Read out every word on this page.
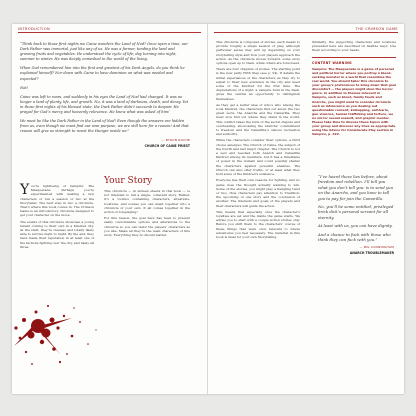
INTRODUCTION

“Think back to those first nights we Caine wonders the Land of Nod? Once upon a time, our Dark Father was immortal, just like any of us. He was a farmer, tending the land and growing fruits and vegetables. He understood the cycle of life; day turning into night, summer to winter. He was deeply enmeshed in the world of the living.

When God remembered him into the first and greatest of his Dark Angels, do you think he explained himself? Nor down with Caine to have dominion on what was needed and expected?

Not!

Caine was left to roam, and suddenly in his eyes the Land of Nod had changed. It was no longer a land of plenty, life, and growth. No, it was a land of darkness, death, and decay. Yet in those first nights of his blessed state, the Dark Father didn’t succumb to despair. He prayed for God’s mercy and heavenly relevance. He knew what was asked of him!

We must be like the Dark Father in the Land of Nod! Even though the answers are hidden from us, even though we must find our own purpose, we are still here for a reason! And that reason will give us strength to resist the Hunger inside us!”

— BYRON ROCHE
CHURCH OF CAINE PRIEST

You’re lightbeing of Vampire: The Masquerade. Perhaps you’re experimented with making a few characters or run a session or two at the Storyteller. The next step in two a chronicle. That’s where this book comes in. The Crimson Game is an introductory chronicle designed to get your character on the move.

The events of this chronicle showcase a young tenant coming to their own in a Kindred city. At the start, they’re clueless and totally likely able to survive night to night. By the end, they have made their reputation in at least one of the factions fighting over the city, and likely all three.

Your Story

This chronicle — in sixteen sheets in this book — is not intended to tell a single, coherent story. Rather, it’s a toolbox containing characters, situations, locations, and scenes you can mash together into a chronicle of your own. It all comes together in the action of roleplaying!

For this reason, the goal here has been to present easily customizable options and alterations to the chronicle so you can tailor the players’ characters as you like. Make all they’re the main characters of this story. Everything they do should matter.

THE CRIMSON GAME

This chronicle is composed of stories, each meant to provide roughly a single session of play, although particular series may add up depending on your storytelling style and how your players approach the action. As the chronicle moves forward, some story options open up to them, while others are foreclosed.

There are four chapters of stories. The starting point is the new party Fifth Step (see p. 54). It details the initial experiences of the characters as they try to adjust to their new existence in the city and meet some of the Kindred for the first time. The depredations of a night, a vampire hunt in the flesh, gives the central an opportunity to distinguish themselves.

As they get a better idea of who’s who among the local Kindred, the characters find out about the two great sects, the Anarchs and the Camarilla. They must now find out where they stand in the world. This conflict takes the form of the secret dispute and overbearing, showcasing the Anarchs’ commitment to freedom and the Camarilla’s callous recreation and authority.

While the characters consider their options, a third choice emerges: The Church of Caine, the subject of the fourth and last major chapter. The Church is not a sect and reached both Anarch and Camarilla Kindred among its members, but it has a timeframe of power in the domain and could possibly shelter the characters against powerful enemies. The Church can also offer truths, or at least what they hold some of the Kindred’s existence.

Everyone has their own reasons for fighting, and no game does the thought actually wanting to win. Some of the stories, you might play a fledgling twist or two, thus characters pay attention to Tradition, the upcoming of one story and the conclusion of another. The interests and goals of the players and their characters will guide the action.

This means that especially once the character’s loyalties are set and the inside the game starts. We advise you to start with a couple Action stories only. Before you shift them to the characters’ course of these things that were once relevant to where adventures you feel necessary. The material in this book is ideal for your own Storytelling.

Similarly, the supporting characters and locations presented here are described on flexible ways. Use them according to your needs.

CONTENT WARNING
Vampire: The Masquerade is a game of personal and political horror where you portray a blood-sucking monster in a world that resembles the real world. You should tailor this chronicle to your group’s preferences to bring down that goal discomfort — the players might shun the horror genre. In addition to themes inherent in Vampire, such as blood, family feuds and Anarchs, you might want to consider chronicle such as intolerance as you dealing out questionable consent, kidnapping, self-harm, gun violence, human trafficking and torture, we no mirror sexual assault, and graphic murder. Please take time to discuss these topics with your group and discover any lines as appropriate using the Advice for Considerate Play section in Vampire, p. 422.

“I’ve heard these lies before, about freedom and rebellion. I’ll tell you what you don’t tell you: is to send you on the Anarchs, and you have to tell you to pay for join the Camarilla.

No, you’ll be some entitled, privileged brick dick’s personal servant for all eternity.

At least with us, you can have dignity.

And a chance to fuck with those who think they can fuck with you.”

— BIG CUNNINGHAM
ANARCH TROUBLEMAKER
